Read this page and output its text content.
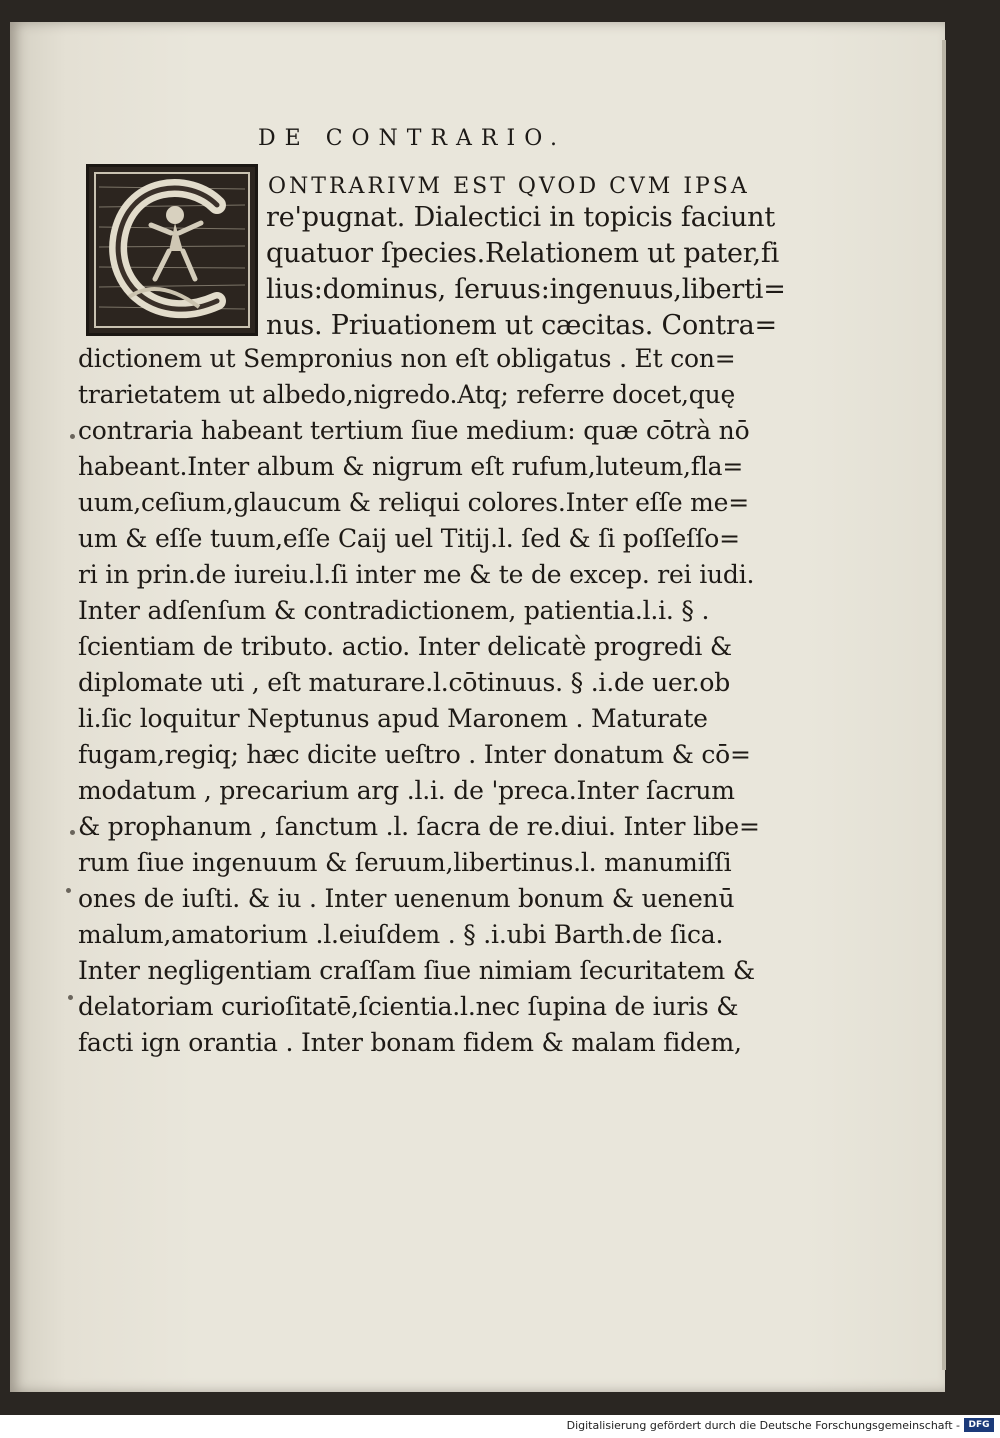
DE CONTRARIO.
ONTRARIVM EST QVOD CVM IPSA
re'pugnat. Dialectici in topicis faciunt
quatuor ſpecies.Relationem ut pater,fi
lius:dominus, ſeruus:ingenuus,liberti=
nus. Priuationem ut cæcitas. Contra=
dictionem ut Sempronius non eſt obligatus . Et con=
trarietatem ut albedo,nigredo.Atq; referre docet,quę
contraria habeant tertium ſiue medium: quæ cōtrà nō
habeant.Inter album & nigrum eſt rufum,luteum,fla=
uum,ceſium,glaucum & reliqui colores.Inter eſſe me=
um & eſſe tuum,eſſe Caij uel Titij.l. ſed & ſi poſſeſſo=
ri in prin.de iureiu.l.ſi inter me & te de excep. rei iudi.
Inter adſenſum & contradictionem, patientia.l.i. § .
ſcientiam de tributo. actio. Inter delicatè progredi &
diplomate uti , eſt maturare.l.cōtinuus. § .i.de uer.ob
li.ſic loquitur Neptunus apud Maronem . Maturate
fugam,regiq; hæc dicite ueſtro . Inter donatum & cō=
modatum , precarium arg .l.i. de 'preca.Inter ſacrum
& prophanum , ſanctum .l. ſacra de re.diui. Inter libe=
rum ſiue ingenuum & ſeruum,libertinus.l. manumiſſi
ones de iuſti. & iu . Inter uenenum bonum & uenenū
malum,amatorium .l.eiuſdem . § .i.ubi Barth.de ſica.
Inter negligentiam craſſam ſiue nimiam ſecuritatem &
delatoriam curioſitatē,ſcientia.l.nec ſupina de iuris &
facti ign orantia . Inter bonam fidem & malam fidem,
Digitalisierung gefördert durch die Deutsche Forschungsgemeinschaft - DFG
